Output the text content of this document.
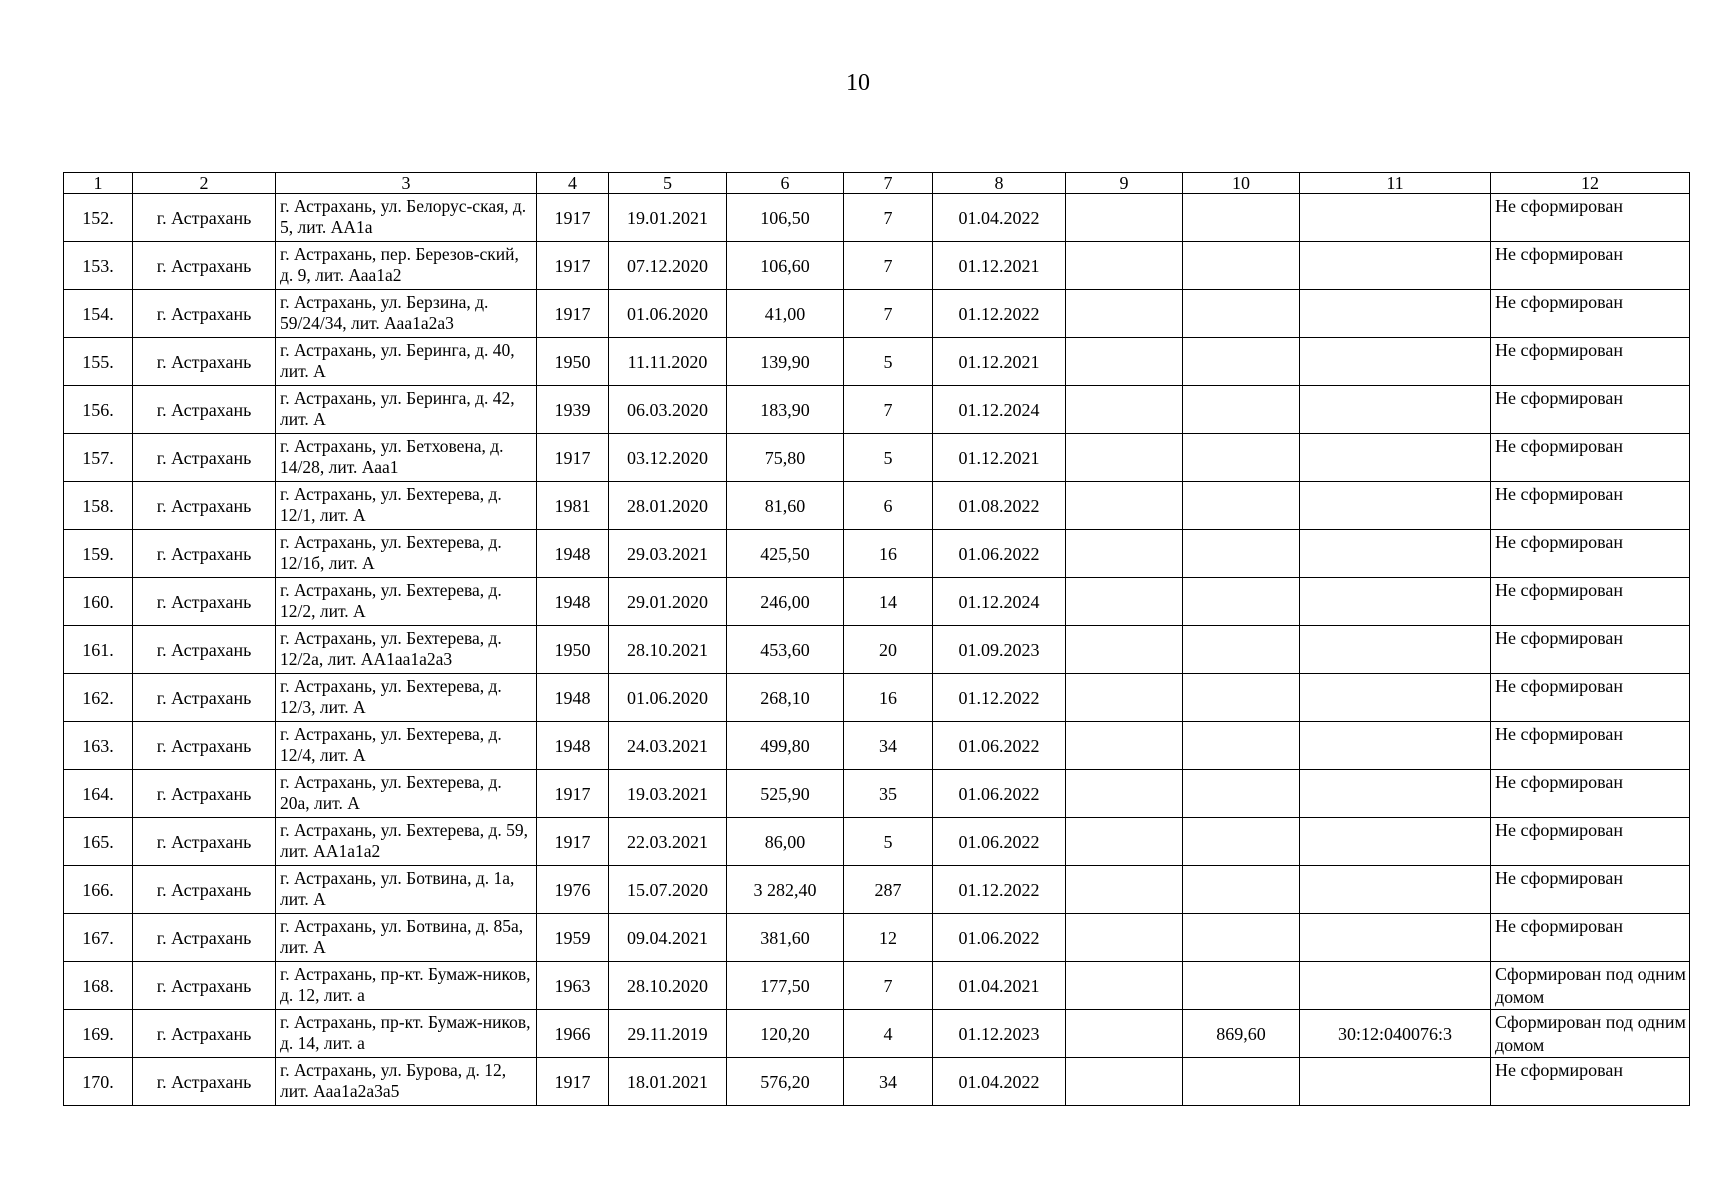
10
1	2	3	4	5	6	7	8	9	10	11	12
152.	г. Астрахань	г. Астрахань, ул. Белорус-ская, д. 5, лит. АА1а	1917	19.01.2021	106,50	7	01.04.2022				Не сформирован
153.	г. Астрахань	г. Астрахань, пер. Березов-ский, д. 9, лит. Ааа1а2	1917	07.12.2020	106,60	7	01.12.2021				Не сформирован
154.	г. Астрахань	г. Астрахань, ул. Берзина, д. 59/24/34, лит. Ааа1а2а3	1917	01.06.2020	41,00	7	01.12.2022				Не сформирован
155.	г. Астрахань	г. Астрахань, ул. Беринга, д. 40, лит. А	1950	11.11.2020	139,90	5	01.12.2021				Не сформирован
156.	г. Астрахань	г. Астрахань, ул. Беринга, д. 42, лит. А	1939	06.03.2020	183,90	7	01.12.2024				Не сформирован
157.	г. Астрахань	г. Астрахань, ул. Бетховена, д. 14/28, лит. Ааа1	1917	03.12.2020	75,80	5	01.12.2021				Не сформирован
158.	г. Астрахань	г. Астрахань, ул. Бехтерева, д. 12/1, лит. А	1981	28.01.2020	81,60	6	01.08.2022				Не сформирован
159.	г. Астрахань	г. Астрахань, ул. Бехтерева, д. 12/1б, лит. А	1948	29.03.2021	425,50	16	01.06.2022				Не сформирован
160.	г. Астрахань	г. Астрахань, ул. Бехтерева, д. 12/2, лит. А	1948	29.01.2020	246,00	14	01.12.2024				Не сформирован
161.	г. Астрахань	г. Астрахань, ул. Бехтерева, д. 12/2а, лит. АА1аа1а2а3	1950	28.10.2021	453,60	20	01.09.2023				Не сформирован
162.	г. Астрахань	г. Астрахань, ул. Бехтерева, д. 12/3, лит. А	1948	01.06.2020	268,10	16	01.12.2022				Не сформирован
163.	г. Астрахань	г. Астрахань, ул. Бехтерева, д. 12/4, лит. А	1948	24.03.2021	499,80	34	01.06.2022				Не сформирован
164.	г. Астрахань	г. Астрахань, ул. Бехтерева, д. 20а, лит. А	1917	19.03.2021	525,90	35	01.06.2022				Не сформирован
165.	г. Астрахань	г. Астрахань, ул. Бехтерева, д. 59, лит. АА1а1а2	1917	22.03.2021	86,00	5	01.06.2022				Не сформирован
166.	г. Астрахань	г. Астрахань, ул. Ботвина, д. 1а, лит. А	1976	15.07.2020	3 282,40	287	01.12.2022				Не сформирован
167.	г. Астрахань	г. Астрахань, ул. Ботвина, д. 85а, лит. А	1959	09.04.2021	381,60	12	01.06.2022				Не сформирован
168.	г. Астрахань	г. Астрахань, пр-кт. Бумаж-ников, д. 12, лит. а	1963	28.10.2020	177,50	7	01.04.2021				Сформирован под одним домом
169.	г. Астрахань	г. Астрахань, пр-кт. Бумаж-ников, д. 14, лит. а	1966	29.11.2019	120,20	4	01.12.2023		869,60	30:12:040076:3	Сформирован под одним домом
170.	г. Астрахань	г. Астрахань, ул. Бурова, д. 12, лит. Ааа1а2а3а5	1917	18.01.2021	576,20	34	01.04.2022				Не сформирован
